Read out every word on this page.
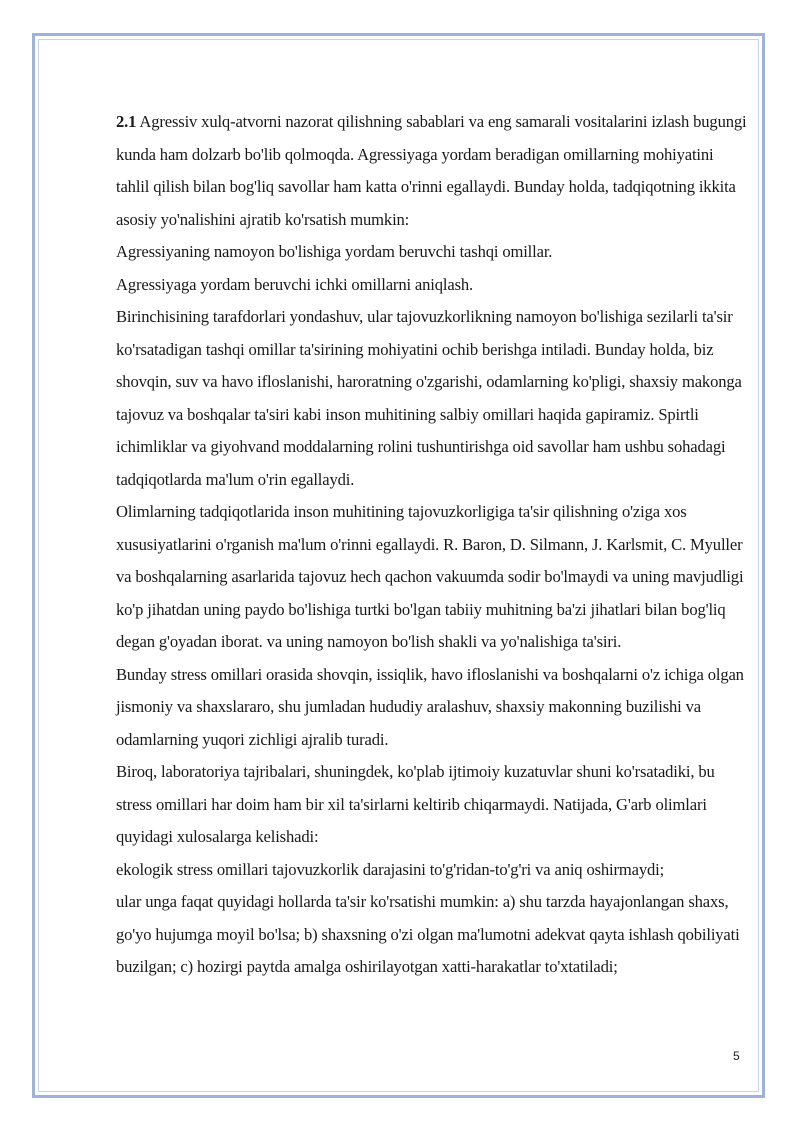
2.1 Agressiv xulq-atvorni nazorat qilishning sabablari va eng samarali vositalarini izlash bugungi kunda ham dolzarb bo'lib qolmoqda. Agressiyaga yordam beradigan omillarning mohiyatini tahlil qilish bilan bog'liq savollar ham katta o'rinni egallaydi. Bunday holda, tadqiqotning ikkita asosiy yo'nalishini ajratib ko'rsatish mumkin:

Agressiyaning namoyon bo'lishiga yordam beruvchi tashqi omillar.

Agressiyaga yordam beruvchi ichki omillarni aniqlash.

Birinchisining tarafdorlari yondashuv, ular tajovuzkorlikning namoyon bo'lishiga sezilarli ta'sir ko'rsatadigan tashqi omillar ta'sirining mohiyatini ochib berishga intiladi. Bunday holda, biz shovqin, suv va havo ifloslanishi, haroratning o'zgarishi, odamlarning ko'pligi, shaxsiy makonga tajovuz va boshqalar ta'siri kabi inson muhitining salbiy omillari haqida gapiramiz. Spirtli ichimliklar va giyohvand moddalarning rolini tushuntirishga oid savollar ham ushbu sohadagi tadqiqotlarda ma'lum o'rin egallaydi.

Olimlarning tadqiqotlarida inson muhitining tajovuzkorligiga ta'sir qilishning o'ziga xos xususiyatlarini o'rganish ma'lum o'rinni egallaydi. R. Baron, D. Silmann, J. Karlsmit, C. Myuller va boshqalarning asarlarida tajovuz hech qachon vakuumda sodir bo'lmaydi va uning mavjudligi ko'p jihatdan uning paydo bo'lishiga turtki bo'lgan tabiiy muhitning ba'zi jihatlari bilan bog'liq degan g'oyadan iborat. va uning namoyon bo'lish shakli va yo'nalishiga ta'siri.

Bunday stress omillari orasida shovqin, issiqlik, havo ifloslanishi va boshqalarni o'z ichiga olgan jismoniy va shaxslararo, shu jumladan hududiy aralashuv, shaxsiy makonning buzilishi va odamlarning yuqori zichligi ajralib turadi.

Biroq, laboratoriya tajribalari, shuningdek, ko'plab ijtimoiy kuzatuvlar shuni ko'rsatadiki, bu stress omillari har doim ham bir xil ta'sirlarni keltirib chiqarmaydi. Natijada, G'arb olimlari quyidagi xulosalarga kelishadi:

ekologik stress omillari tajovuzkorlik darajasini to'g'ridan-to'g'ri va aniq oshirmaydi;

ular unga faqat quyidagi hollarda ta'sir ko'rsatishi mumkin: a) shu tarzda hayajonlangan shaxs, go'yo hujumga moyil bo'lsa; b) shaxsning o'zi olgan ma'lumotni adekvat qayta ishlash qobiliyati buzilgan; c) hozirgi paytda amalga oshirilayotgan xatti-harakatlar to'xtatiladi;

5
